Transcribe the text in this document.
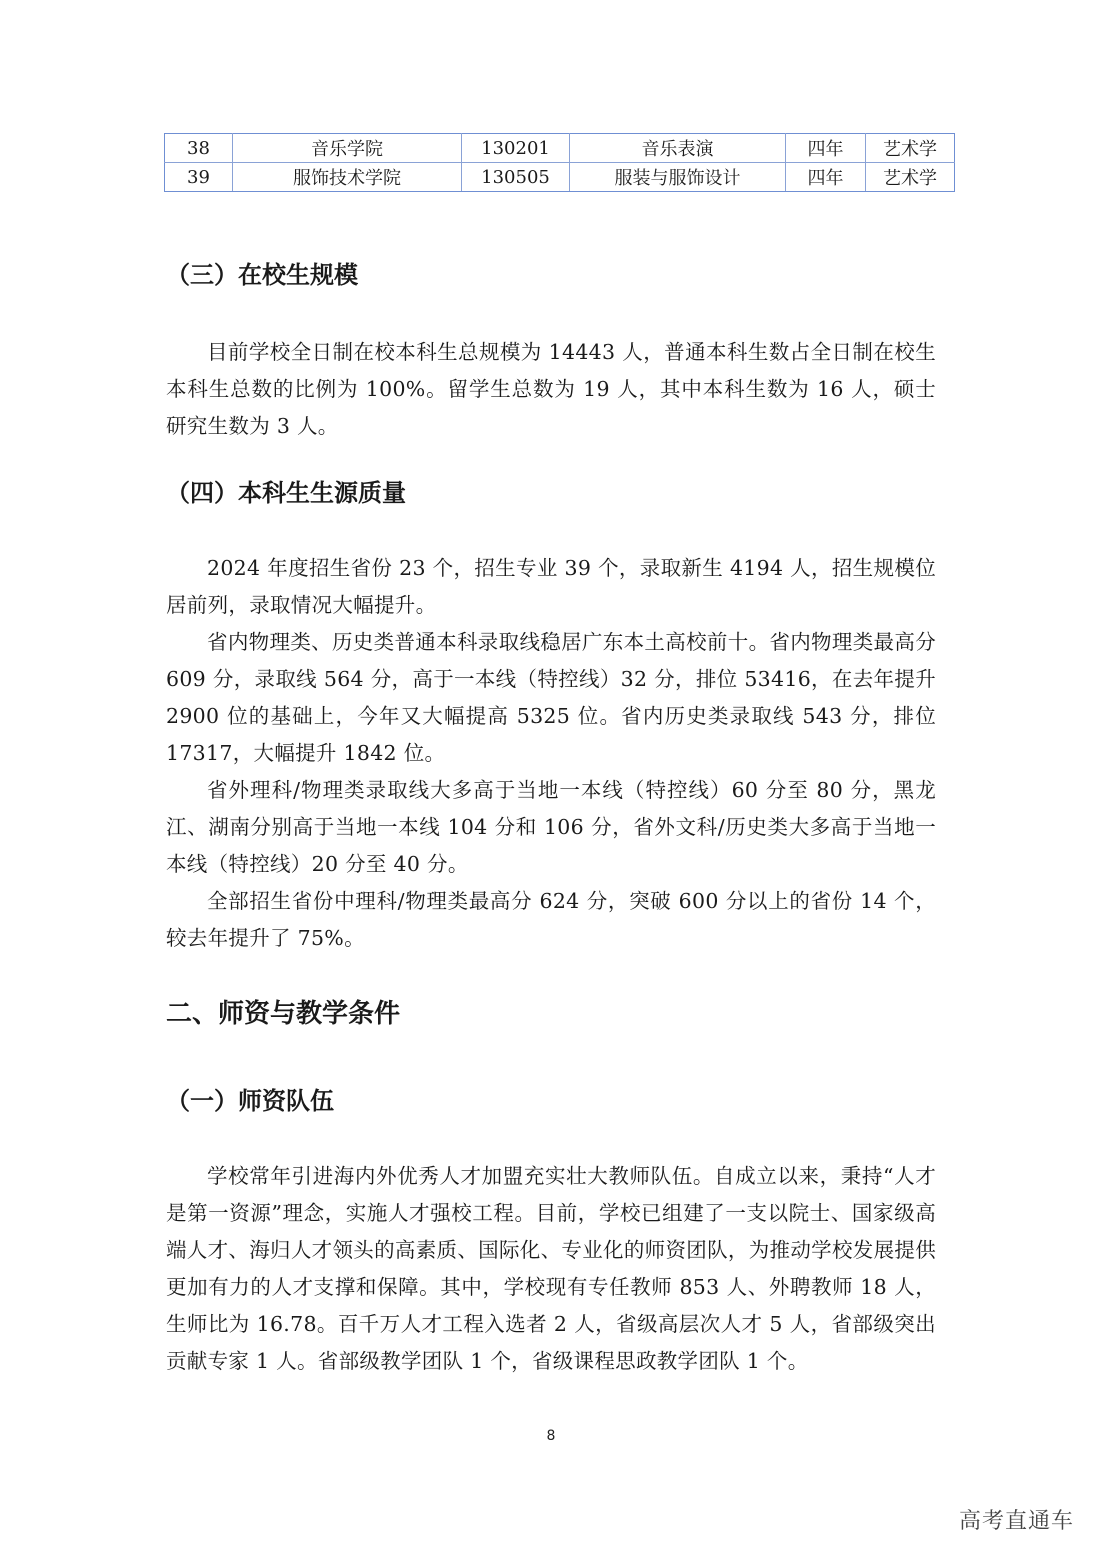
38	音乐学院	130201	音乐表演	四年	艺术学
39	服饰技术学院	130505	服装与服饰设计	四年	艺术学
（三）在校生规模

目前学校全日制在校本科生总规模为 14443 人，普通本科生数占全日制在校生本科生总数的比例为 100%。留学生总数为 19 人，其中本科生数为 16 人，硕士研究生数为 3 人。

（四）本科生生源质量

2024 年度招生省份 23 个，招生专业 39 个，录取新生 4194 人，招生规模位居前列，录取情况大幅提升。

省内物理类、历史类普通本科录取线稳居广东本土高校前十。省内物理类最高分 609 分，录取线 564 分，高于一本线（特控线）32 分，排位 53416，在去年提升 2900 位的基础上，今年又大幅提高 5325 位。省内历史类录取线 543 分，排位 17317，大幅提升 1842 位。

省外理科/物理类录取线大多高于当地一本线（特控线）60 分至 80 分，黑龙江、湖南分别高于当地一本线 104 分和 106 分，省外文科/历史类大多高于当地一本线（特控线）20 分至 40 分。

全部招生省份中理科/物理类最高分 624 分，突破 600 分以上的省份 14 个，较去年提升了 75%。

二、师资与教学条件
（一）师资队伍

学校常年引进海内外优秀人才加盟充实壮大教师队伍。自成立以来，秉持“人才是第一资源”理念，实施人才强校工程。目前，学校已组建了一支以院士、国家级高端人才、海归人才领头的高素质、国际化、专业化的师资团队，为推动学校发展提供更加有力的人才支撑和保障。其中，学校现有专任教师 853 人、外聘教师 18 人，生师比为 16.78。百千万人才工程入选者 2 人，省级高层次人才 5 人，省部级突出贡献专家 1 人。省部级教学团队 1 个，省级课程思政教学团队 1 个。

8
高考直通车
